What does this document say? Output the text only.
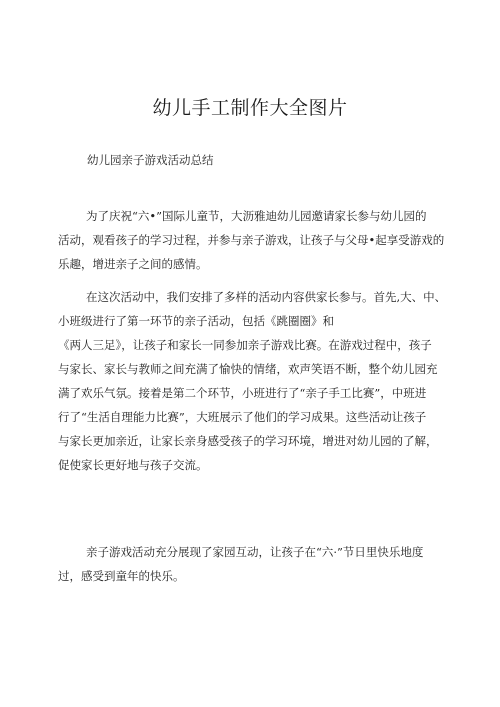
幼儿手工制作大全图片
幼儿园亲子游戏活动总结
为了庆祝“六•”国际儿童节，大沥雅迪幼儿园邀请家长参与幼儿园的
活动，观看孩子的学习过程，并参与亲子游戏，让孩子与父母•起享受游戏的
乐趣，增进亲子之间的感情。
在这次活动中，我们安排了多样的活动内容供家长参与。首先,大、中、
小班级进行了第一环节的亲子活动，包括《跳圈圈》和
《两人三足》，让孩子和家长一同参加亲子游戏比赛。在游戏过程中，孩子
与家长、家长与教师之间充满了愉快的情绪，欢声笑语不断，整个幼儿园充
满了欢乐气氛。接着是第二个环节，小班进行了“亲子手工比赛”，中班进
行了“生活自理能力比赛”，大班展示了他们的学习成果。这些活动让孩子
与家长更加亲近，让家长亲身感受孩子的学习环境，增进对幼儿园的了解，
促使家长更好地与孩子交流。
亲子游戏活动充分展现了家园互动，让孩子在“六·”节日里快乐地度
过，感受到童年的快乐。
